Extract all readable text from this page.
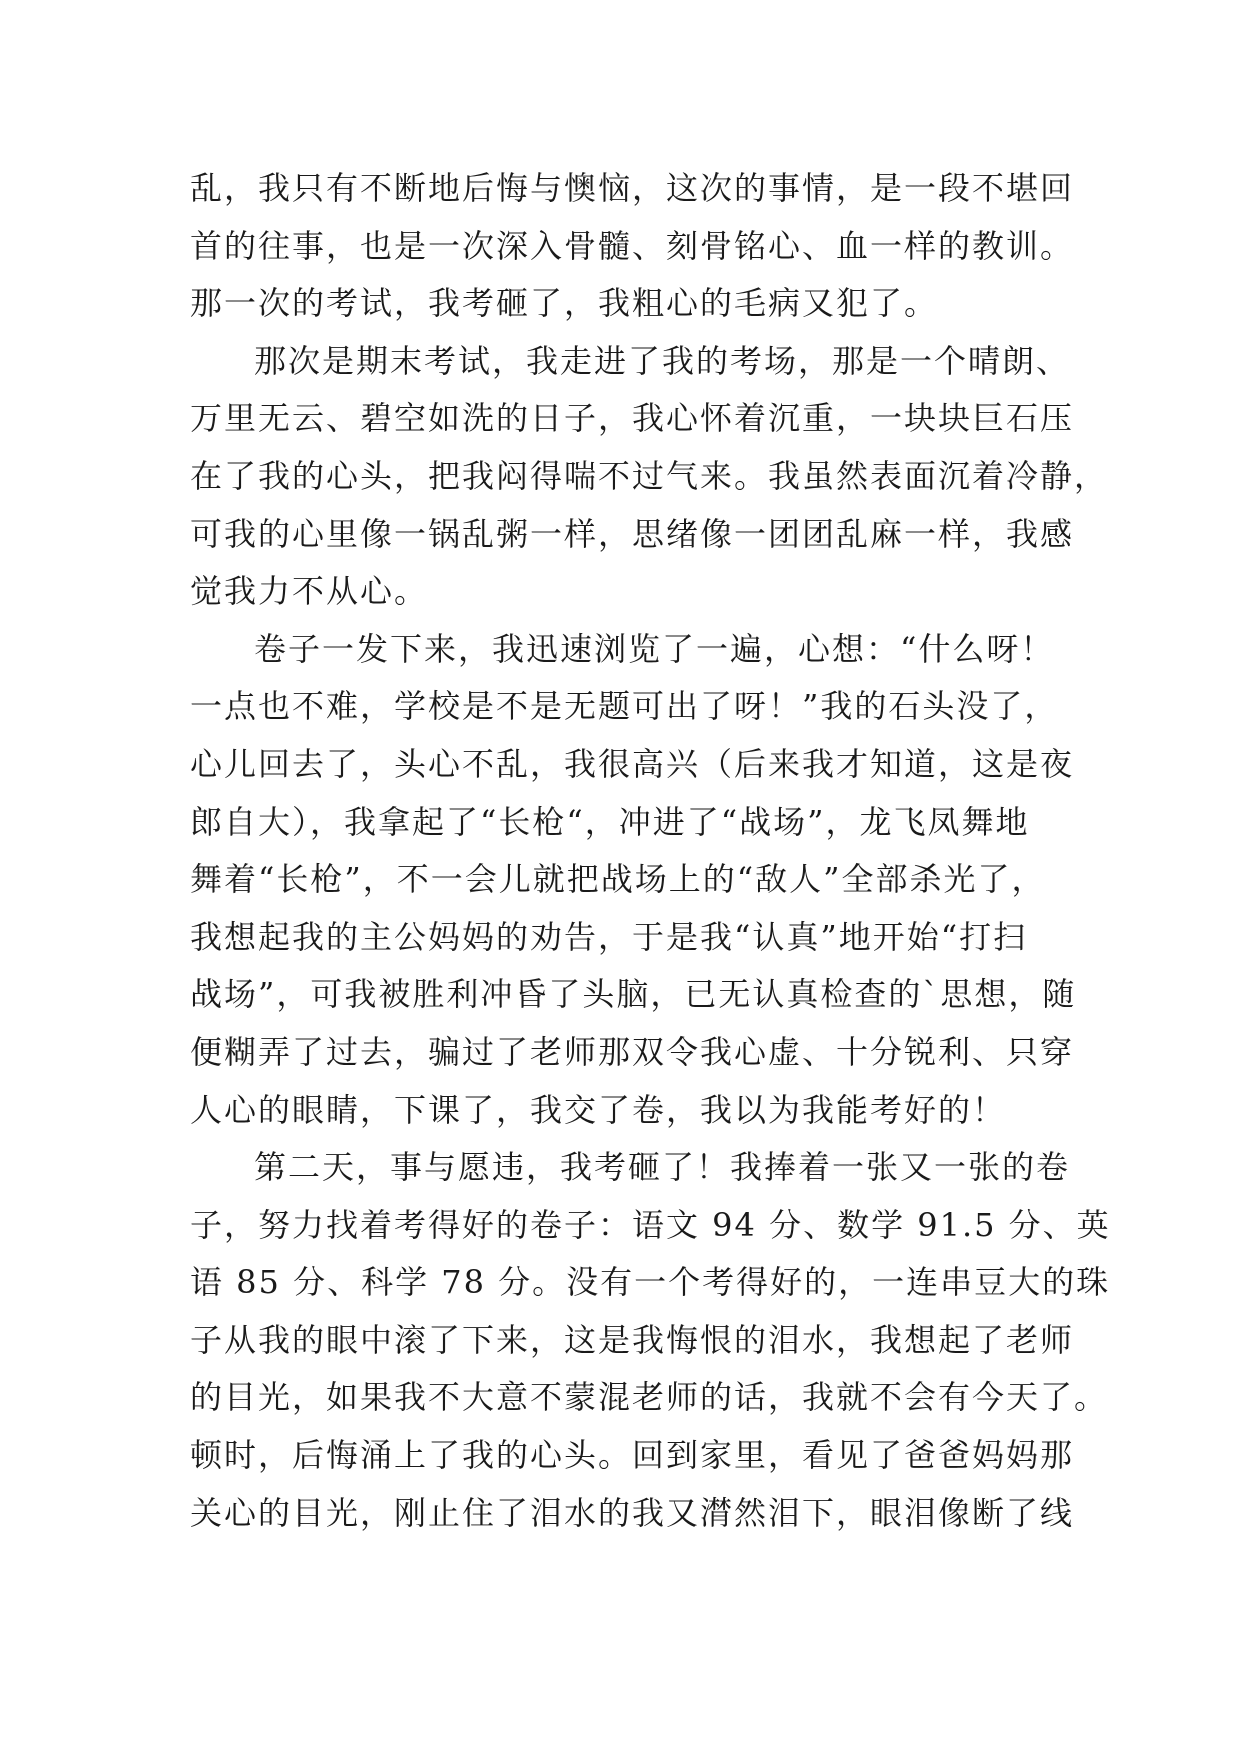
乱，我只有不断地后悔与懊恼，这次的事情，是一段不堪回
首的往事，也是一次深入骨髓、刻骨铭心、血一样的教训。
那一次的考试，我考砸了，我粗心的毛病又犯了。
那次是期末考试，我走进了我的考场，那是一个晴朗、
万里无云、碧空如洗的日子，我心怀着沉重，一块块巨石压
在了我的心头，把我闷得喘不过气来。我虽然表面沉着冷静，
可我的心里像一锅乱粥一样，思绪像一团团乱麻一样，我感
觉我力不从心。
卷子一发下来，我迅速浏览了一遍，心想：“什么呀！
一点也不难，学校是不是无题可出了呀！”我的石头没了，
心儿回去了，头心不乱，我很高兴（后来我才知道，这是夜
郎自大），我拿起了“长枪“，冲进了“战场”，龙飞凤舞地
舞着“长枪”，不一会儿就把战场上的“敌人”全部杀光了，
我想起我的主公妈妈的劝告，于是我“认真”地开始“打扫
战场”，可我被胜利冲昏了头脑，已无认真检查的`思想，随
便糊弄了过去，骗过了老师那双令我心虚、十分锐利、只穿
人心的眼睛，下课了，我交了卷，我以为我能考好的！
第二天，事与愿违，我考砸了！我捧着一张又一张的卷
子，努力找着考得好的卷子：语文 94 分、数学 91.5 分、英
语 85 分、科学 78 分。没有一个考得好的，一连串豆大的珠
子从我的眼中滚了下来，这是我悔恨的泪水，我想起了老师
的目光，如果我不大意不蒙混老师的话，我就不会有今天了。
顿时，后悔涌上了我的心头。回到家里，看见了爸爸妈妈那
关心的目光，刚止住了泪水的我又潸然泪下，眼泪像断了线
